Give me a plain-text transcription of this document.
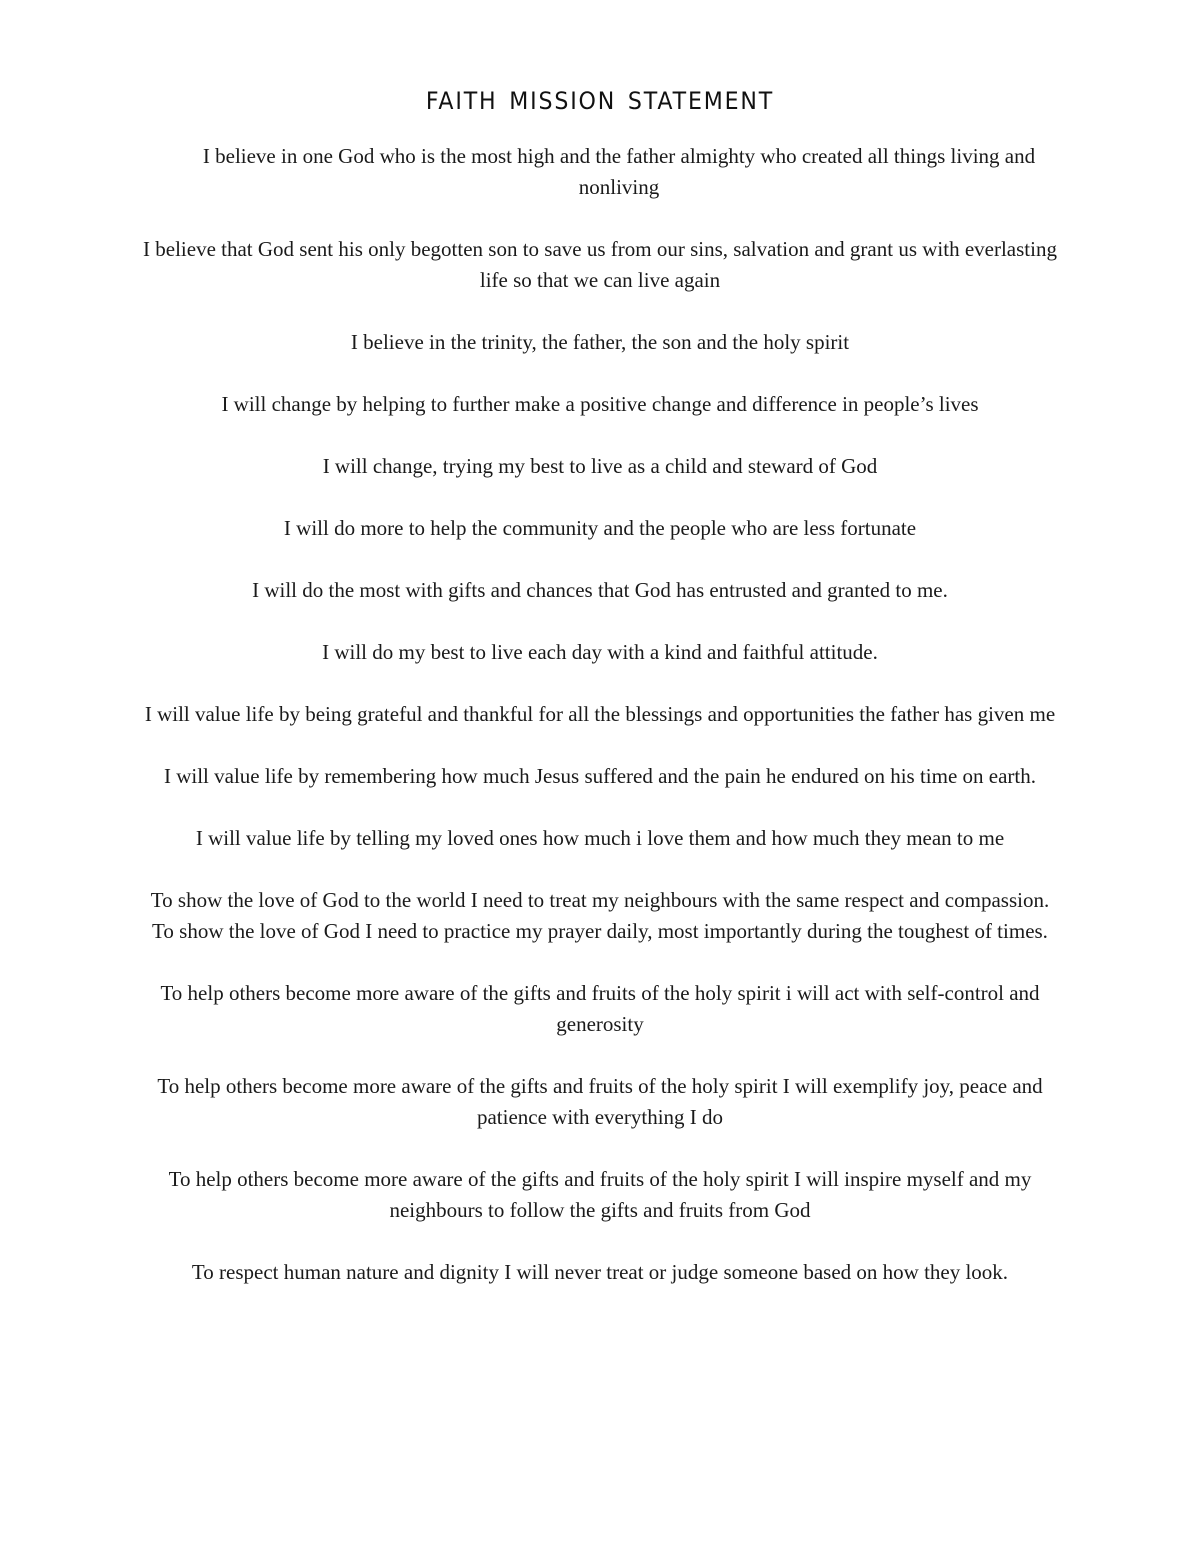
faith mission statement

I believe in one God who is the most high and the father almighty who created all things living and nonliving

I believe that God sent his only begotten son to save us from our sins, salvation and grant us with everlasting life so that we can live again

I believe in the trinity, the father, the son and the holy spirit

I will change by helping to further make a positive change and difference in people’s lives

I will change, trying my best to live as a child and steward of God

I will do more to help the community and the people who are less fortunate

I will do the most with gifts and chances that God has entrusted and granted to me.

I will do my best to live each day with a kind and faithful attitude.

I will value life by being grateful and thankful for all the blessings and opportunities the father has given me

I will value life by remembering how much Jesus suffered and the pain he endured on his time on earth.

I will value life by telling my loved ones how much i love them and how much they mean to me

To show the love of God to the world I need to treat my neighbours with the same respect and compassion.

To show the love of God I need to practice my prayer daily, most importantly during the toughest of times.

To help others become more aware of the gifts and fruits of the holy spirit i will act with self-control and generosity

To help others become more aware of the gifts and fruits of the holy spirit I will exemplify joy, peace and patience with everything I do

To help others become more aware of the gifts and fruits of the holy spirit I will inspire myself and my neighbours to follow the gifts and fruits from God

To respect human nature and dignity I will never treat or judge someone based on how they look.
